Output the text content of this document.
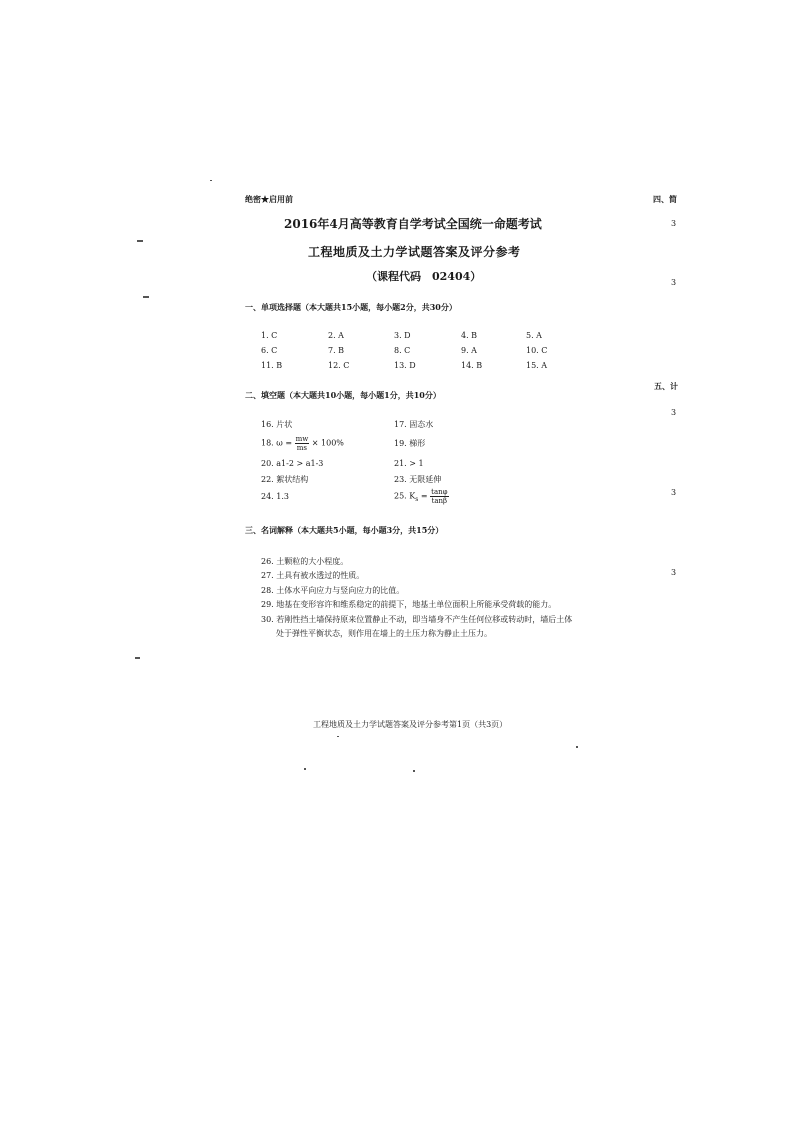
绝密★启用前
2016年4月高等教育自学考试全国统一命题考试
工程地质及土力学试题答案及评分参考
（课程代码　02404）
四、简
3
3
五、计
3
3
3
一、单项选择题（本大题共15小题，每小题2分，共30分）
1. C	2. A	3. D	4. B	5. A
6. C	7. B	8. C	9. A	10. C
11. B	12. C	13. D	14. B	15. A
二、填空题（本大题共10小题，每小题1分，共10分）
16. 片状	17. 固态水
18. $\omega = \frac{mw}{ms} \times 100\%$	19. 梯形
20. a1-2 > a1-3	21. > 1
22. 絮状结构	23. 无限延伸
24. 1.3	25. $K_s = \frac{\tan\varphi}{\tan\beta}$
三、名词解释（本大题共5小题，每小题3分，共15分）
26. 土颗粒的大小程度。
27. 土具有被水透过的性质。
28. 土体水平向应力与竖向应力的比值。
29. 地基在变形容许和维系稳定的前提下，地基土单位面积上所能承受荷载的能力。
30. 若刚性挡土墙保持原来位置静止不动，即当墙身不产生任何位移或转动时，墙后土体
处于弹性平衡状态，则作用在墙上的土压力称为静止土压力。
工程地质及土力学试题答案及评分参考第1页（共3页）
